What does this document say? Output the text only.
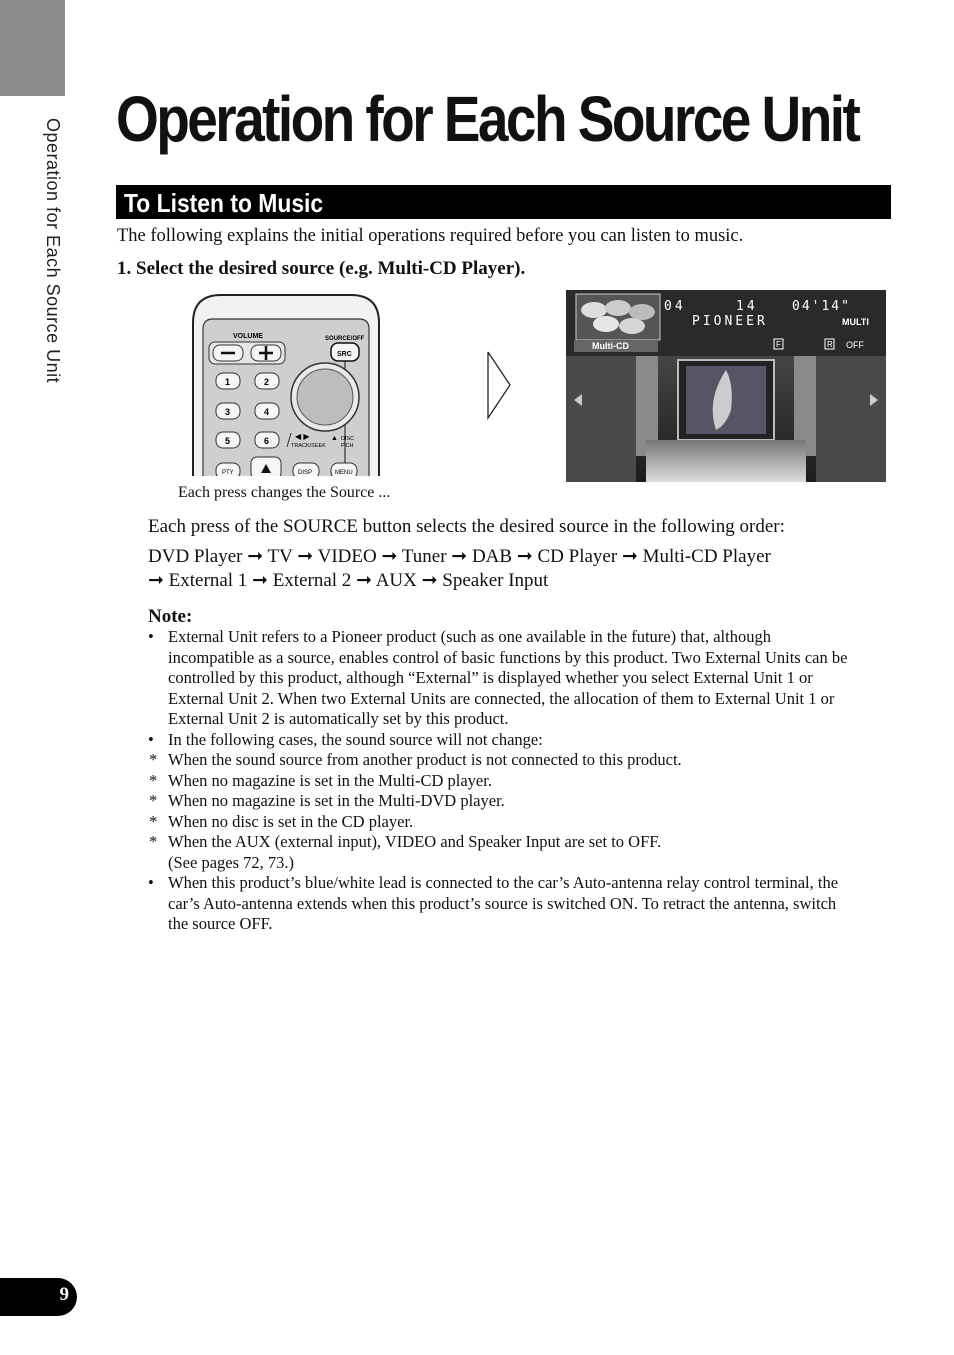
Operation for Each Source Unit Operation for Each Source Unit
To Listen to Music
The following explains the initial operations required before you can listen to music.
1. Select the desired source (e.g. Multi-CD Player).
VOLUME	SOURCE/OFF
SRC
1	2
3	4
5	6	◀ ▶
TRACK/SEEK
▲ DISC
P.CH
PTY	DISP	MENU
Each press changes the Source ...
Multi-CD
04	14	04'14"
PIONEER	MULTI
F	R OFF
Each press of the SOURCE button selects the desired source in the following order:
DVD Player ➞ TV ➞ VIDEO ➞ Tuner ➞ DAB ➞ CD Player ➞ Multi-CD Player
➞ External 1 ➞ External 2 ➞ AUX ➞ Speaker Input
Note:
• External Unit refers to a Pioneer product (such as one available in the future) that, although incompatible as a source, enables control of basic functions by this product. Two External Units can be controlled by this product, although “External” is displayed whether you select External Unit 1 or External Unit 2. When two External Units are connected, the allocation of them to External Unit 1 or External Unit 2 is automatically set by this product.
• In the following cases, the sound source will not change:
* When the sound source from another product is not connected to this product.
* When no magazine is set in the Multi-CD player.
* When no magazine is set in the Multi-DVD player.
* When no disc is set in the CD player.
* When the AUX (external input), VIDEO and Speaker Input are set to OFF.
(See pages 72, 73.)
• When this product’s blue/white lead is connected to the car’s Auto-antenna relay control terminal, the car’s Auto-antenna extends when this product’s source is switched ON. To retract the antenna, switch the source OFF.
9
